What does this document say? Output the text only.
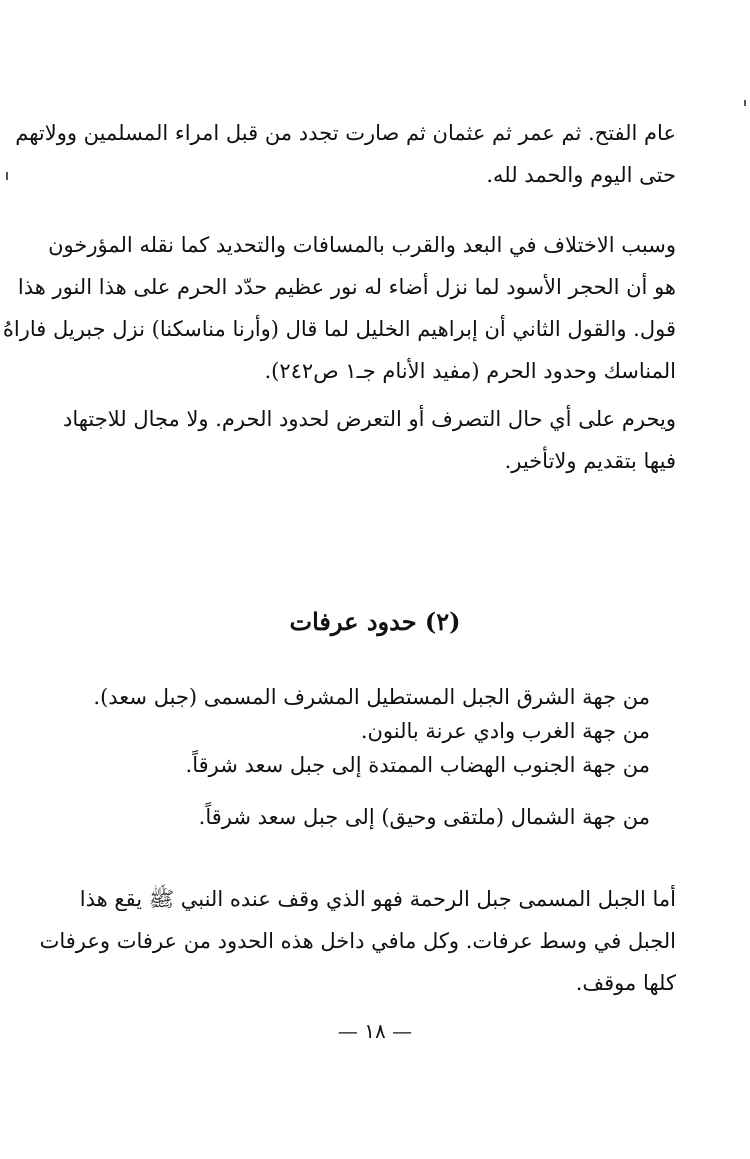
عام الفتح. ثم عمر ثم عثمان ثم صارت تجدد من قبل امراء المسلمين وولاتهم
حتى اليوم والحمد لله.

وسبب الاختلاف في البعد والقرب بالمسافات والتحديد كما نقله المؤرخون
هو أن الحجر الأسود لما نزل أضاء له نور عظيم حدّد الحرم على هذا النور هذا
قول. والقول الثاني أن إبراهيم الخليل لما قال (وأرنا مناسكنا) نزل جبريل فاراهُ
المناسك وحدود الحرم (مفيد الأنام جـ١ ص٢٤٢).

ويحرم على أي حال التصرف أو التعرض لحدود الحرم. ولا مجال للاجتهاد
فيها بتقديم ولاتأخير.

(٢) حدود عرفات
من جهة الشرق الجبل المستطيل المشرف المسمى (جبل سعد).
من جهة الغرب وادي عرنة بالنون.
من جهة الجنوب الهضاب الممتدة إلى جبل سعد شرقاً.
من جهة الشمال (ملتقى وحيق) إلى جبل سعد شرقاً.

أما الجبل المسمى جبل الرحمة فهو الذي وقف عنده النبي ﷺ يقع هذا
الجبل في وسط عرفات. وكل مافي داخل هذه الحدود من عرفات وعرفات
كلها موقف.

— ١٨ —
